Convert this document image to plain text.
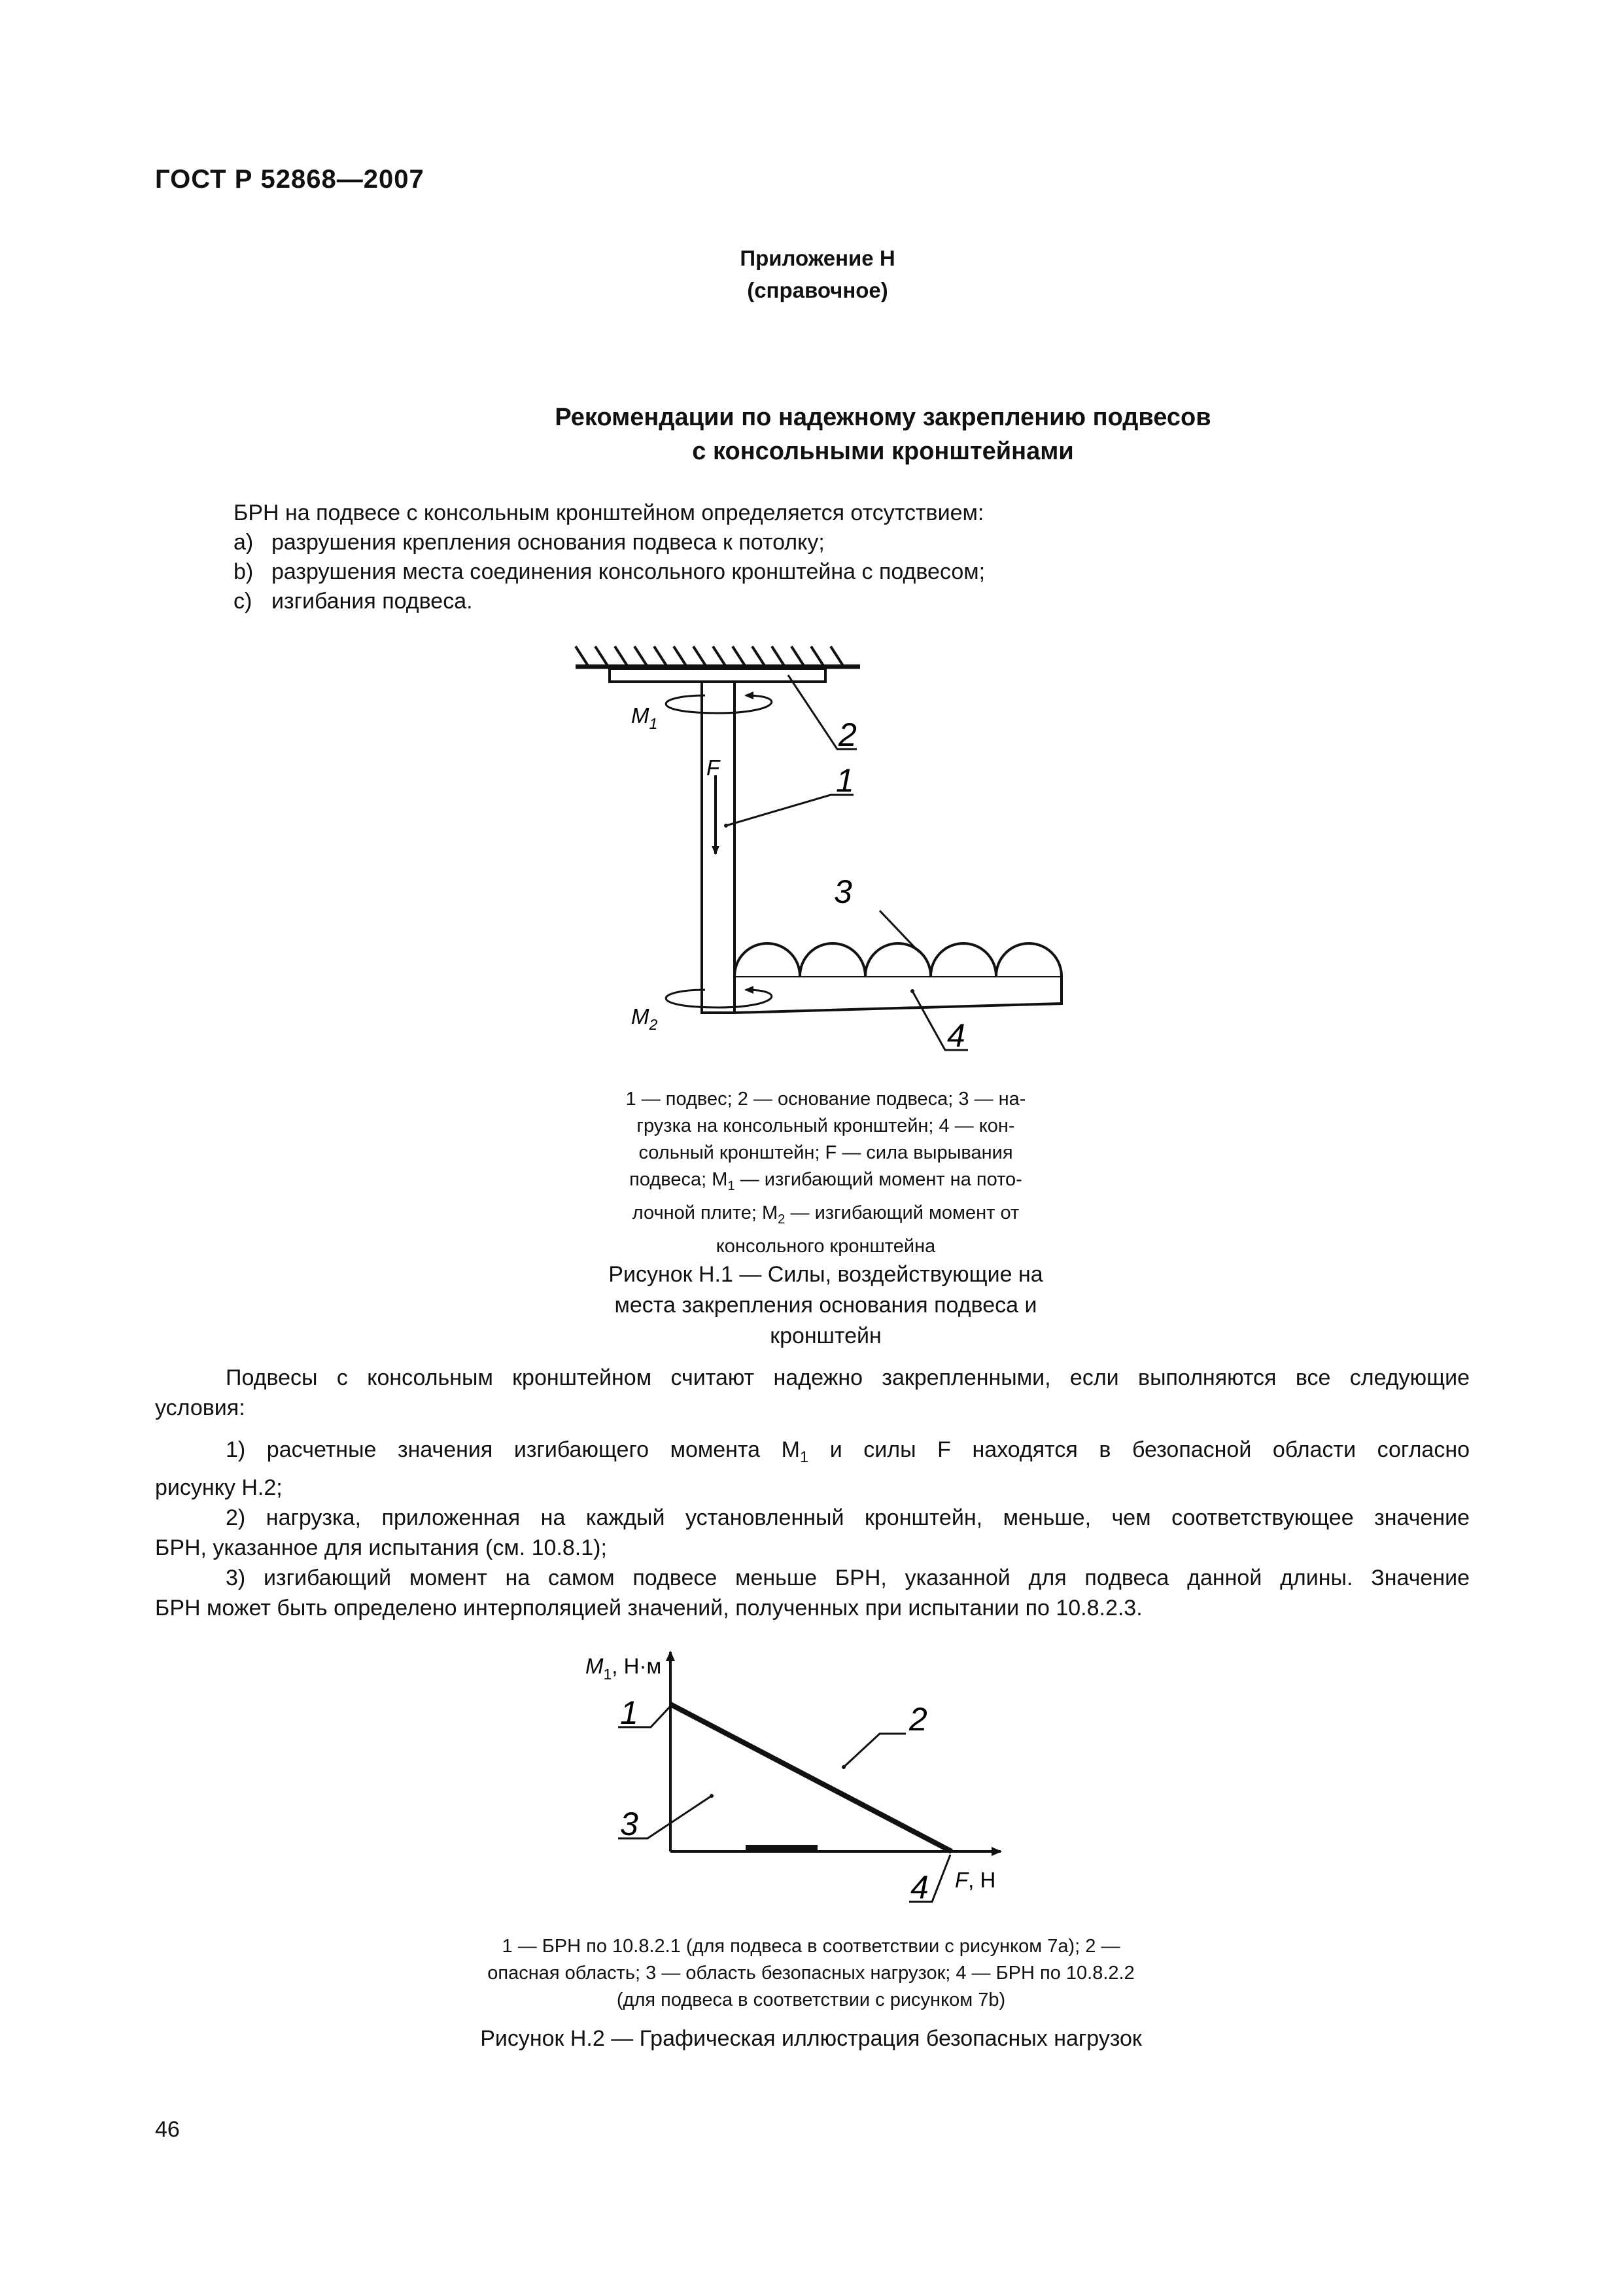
ГОСТ Р 52868—2007
Приложение Н
(справочное)
Рекомендации по надежному закреплению подвесов
с консольными кронштейнами
БРН на подвесе с консольным кронштейном определяется отсутствием:
a) разрушения крепления основания подвеса к потолку;
b) разрушения места соединения консольного кронштейна с подвесом;
c) изгибания подвеса.
$M_1$
$M_2$
F
2
1
3
4
1 — подвес; 2 — основание подвеса; 3 — на-
грузка на консольный кронштейн; 4 — кон-
сольный кронштейн; F — сила вырывания
подвеса; $M_1$ — изгибающий момент на пото-
лочной плите; $M_2$ — изгибающий момент от
консольного кронштейна
Рисунок Н.1 — Силы, воздействующие на
места закрепления основания подвеса и
кронштейн
Подвесы с консольным кронштейном считают надежно закрепленными, если выполняются все следующие
условия:
1) расчетные значения изгибающего момента $M_1$ и силы F находятся в безопасной области согласно
рисунку Н.2;
2) нагрузка, приложенная на каждый установленный кронштейн, меньше, чем соответствующее значение
БРН, указанное для испытания (см. 10.8.1);
3) изгибающий момент на самом подвесе меньше БРН, указанной для подвеса данной длины. Значение
БРН может быть определено интерполяцией значений, полученных при испытании по 10.8.2.3.
$M_1$, Н·м
F, Н
1	2
3
4
1 — БРН по 10.8.2.1 (для подвеса в соответствии с рисунком 7а); 2 —
опасная область; 3 — область безопасных нагрузок; 4 — БРН по 10.8.2.2
(для подвеса в соответствии с рисунком 7b)
Рисунок Н.2 — Графическая иллюстрация безопасных нагрузок
46
